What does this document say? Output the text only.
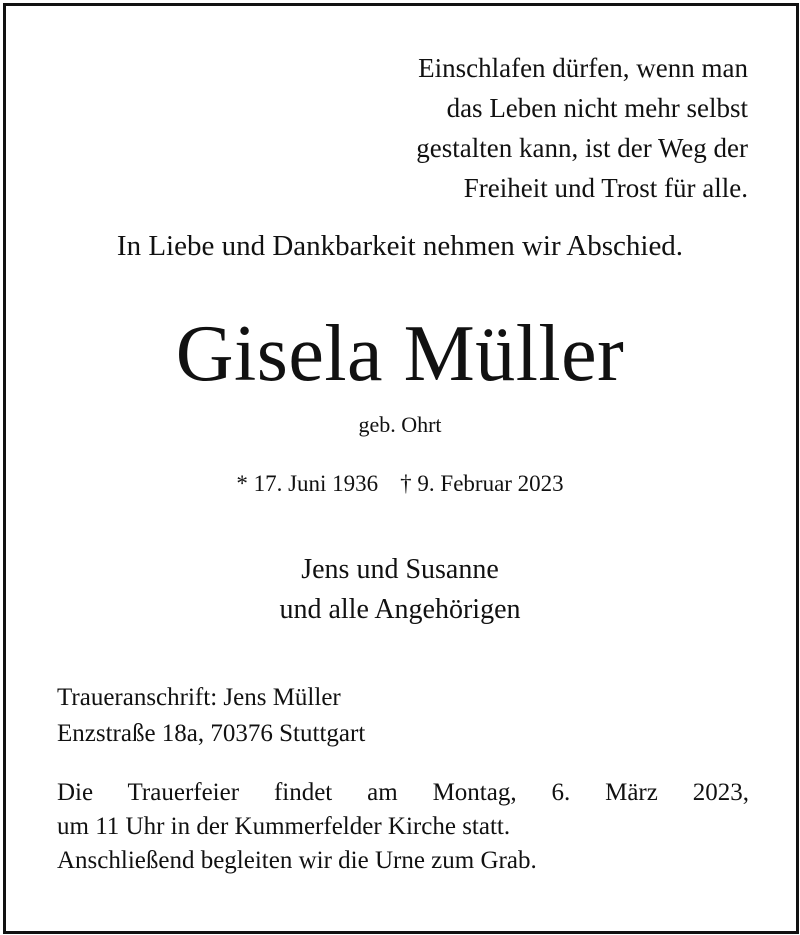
Einschlafen dürfen, wenn man
das Leben nicht mehr selbst
gestalten kann, ist der Weg der
Freiheit und Trost für alle.
In Liebe und Dankbarkeit nehmen wir Abschied.
Gisela Müller
geb. Ohrt
* 17. Juni 1936 † 9. Februar 2023
Jens und Susanne
und alle Angehörigen
Traueranschrift: Jens Müller
Enzstraße 18a, 70376 Stuttgart
Die Trauerfeier findet am Montag, 6. März 2023,
um 11 Uhr in der Kummerfelder Kirche statt.
Anschließend begleiten wir die Urne zum Grab.
